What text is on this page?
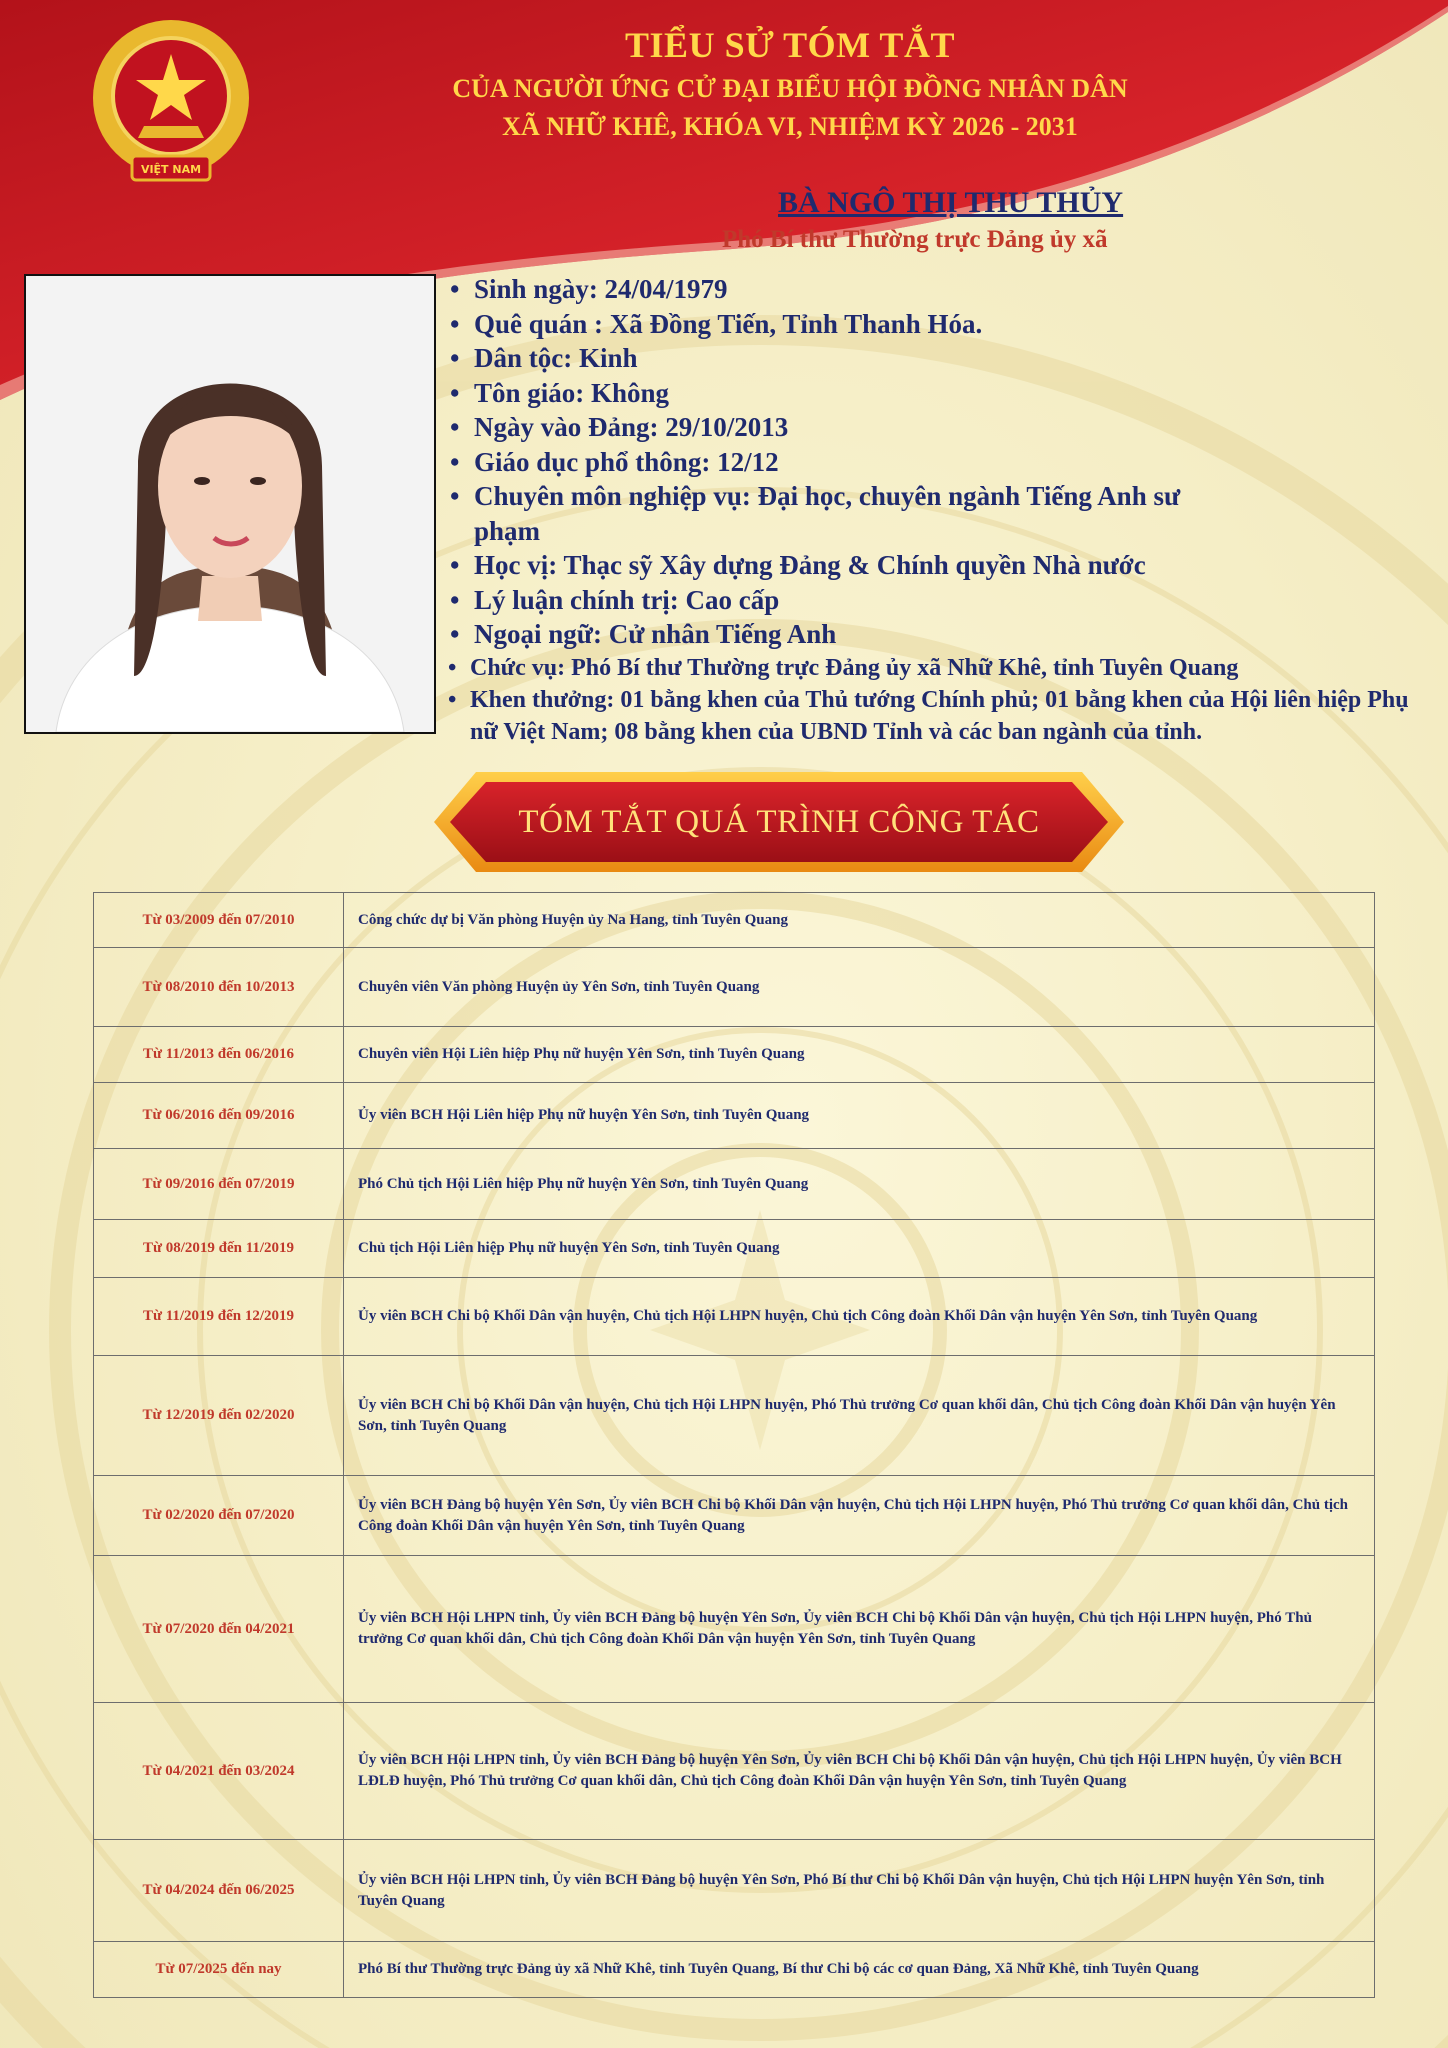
VIỆT NAM
TIỂU SỬ TÓM TẮT
CỦA NGƯỜI ỨNG CỬ ĐẠI BIỂU HỘI ĐỒNG NHÂN DÂN
XÃ NHỮ KHÊ, KHÓA VI, NHIỆM KỲ 2026 - 2031
BÀ NGÔ THỊ THU THỦY
Phó Bí thư Thường trực Đảng ủy xã
• Sinh ngày: 24/04/1979
• Quê quán : Xã Đồng Tiến, Tỉnh Thanh Hóa.
• Dân tộc: Kinh
• Tôn giáo: Không
• Ngày vào Đảng: 29/10/2013
• Giáo dục phổ thông: 12/12
• Chuyên môn nghiệp vụ: Đại học, chuyên ngành Tiếng Anh sư phạm
• Học vị: Thạc sỹ Xây dựng Đảng & Chính quyền Nhà nước
• Lý luận chính trị: Cao cấp
• Ngoại ngữ: Cử nhân Tiếng Anh
• Chức vụ: Phó Bí thư Thường trực Đảng ủy xã Nhữ Khê, tỉnh Tuyên Quang
• Khen thưởng: 01 bằng khen của Thủ tướng Chính phủ; 01 bằng khen của Hội liên hiệp Phụ nữ Việt Nam; 08 bằng khen của UBND Tỉnh và các ban ngành của tỉnh.
TÓM TẮT QUÁ TRÌNH CÔNG TÁC
Từ 03/2009 đến 07/2010	Công chức dự bị Văn phòng Huyện ủy Na Hang, tỉnh Tuyên Quang
Từ 08/2010 đến 10/2013	Chuyên viên Văn phòng Huyện ủy Yên Sơn, tỉnh Tuyên Quang
Từ 11/2013 đến 06/2016	Chuyên viên Hội Liên hiệp Phụ nữ huyện Yên Sơn, tỉnh Tuyên Quang
Từ 06/2016 đến 09/2016	Ủy viên BCH Hội Liên hiệp Phụ nữ huyện Yên Sơn, tỉnh Tuyên Quang
Từ 09/2016 đến 07/2019	Phó Chủ tịch Hội Liên hiệp Phụ nữ huyện Yên Sơn, tỉnh Tuyên Quang
Từ 08/2019 đến 11/2019	Chủ tịch Hội Liên hiệp Phụ nữ huyện Yên Sơn, tỉnh Tuyên Quang
Từ 11/2019 đến 12/2019	Ủy viên BCH Chi bộ Khối Dân vận huyện, Chủ tịch Hội LHPN huyện, Chủ tịch Công đoàn Khối Dân vận huyện Yên Sơn, tỉnh Tuyên Quang
Từ 12/2019 đến 02/2020	Ủy viên BCH Chi bộ Khối Dân vận huyện, Chủ tịch Hội LHPN huyện, Phó Thủ trưởng Cơ quan khối dân, Chủ tịch Công đoàn Khối Dân vận huyện Yên Sơn, tỉnh Tuyên Quang
Từ 02/2020 đến 07/2020	Ủy viên BCH Đảng bộ huyện Yên Sơn, Ủy viên BCH Chi bộ Khối Dân vận huyện, Chủ tịch Hội LHPN huyện, Phó Thủ trưởng Cơ quan khối dân, Chủ tịch Công đoàn Khối Dân vận huyện Yên Sơn, tỉnh Tuyên Quang
Từ 07/2020 đến 04/2021	Ủy viên BCH Hội LHPN tỉnh, Ủy viên BCH Đảng bộ huyện Yên Sơn, Ủy viên BCH Chi bộ Khối Dân vận huyện, Chủ tịch Hội LHPN huyện, Phó Thủ trưởng Cơ quan khối dân, Chủ tịch Công đoàn Khối Dân vận huyện Yên Sơn, tỉnh Tuyên Quang
Từ 04/2021 đến 03/2024	Ủy viên BCH Hội LHPN tỉnh, Ủy viên BCH Đảng bộ huyện Yên Sơn, Ủy viên BCH Chi bộ Khối Dân vận huyện, Chủ tịch Hội LHPN huyện, Ủy viên BCH LĐLĐ huyện, Phó Thủ trưởng Cơ quan khối dân, Chủ tịch Công đoàn Khối Dân vận huyện Yên Sơn, tỉnh Tuyên Quang
Từ 04/2024 đến 06/2025	Ủy viên BCH Hội LHPN tỉnh, Ủy viên BCH Đảng bộ huyện Yên Sơn, Phó Bí thư Chi bộ Khối Dân vận huyện, Chủ tịch Hội LHPN huyện Yên Sơn, tỉnh Tuyên Quang
Từ 07/2025 đến nay	Phó Bí thư Thường trực Đảng ủy xã Nhữ Khê, tỉnh Tuyên Quang, Bí thư Chi bộ các cơ quan Đảng, Xã Nhữ Khê, tỉnh Tuyên Quang
